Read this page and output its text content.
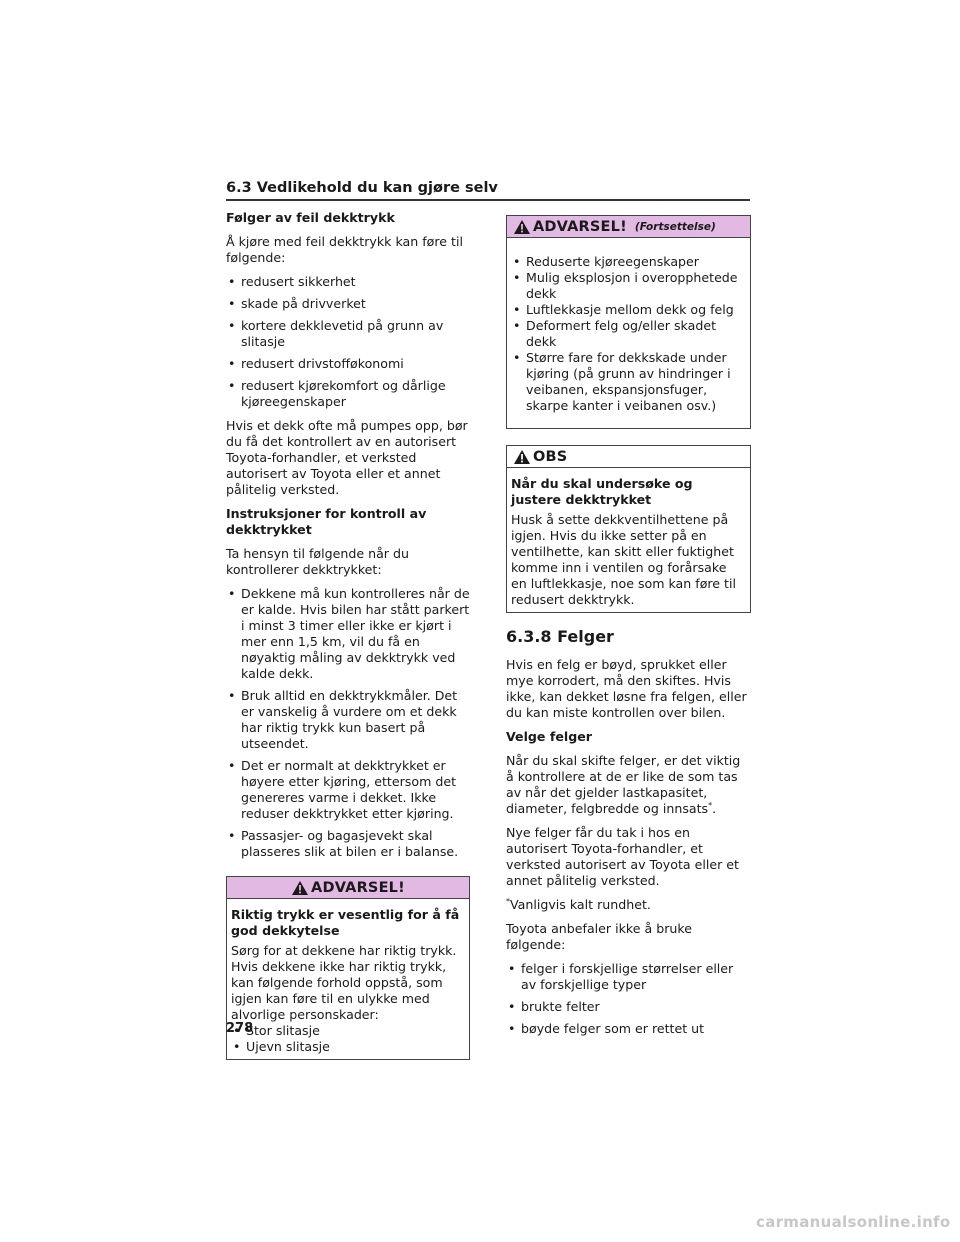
6.3 Vedlikehold du kan gjøre selv
Følger av feil dekktrykk
Å kjøre med feil dekktrykk kan føre til følgende:
• redusert sikkerhet
• skade på drivverket
• kortere dekklevetid på grunn av slitasje
• redusert drivstofføkonomi
• redusert kjørekomfort og dårlige kjøreegenskaper
Hvis et dekk ofte må pumpes opp, bør du få det kontrollert av en autorisert Toyota-forhandler, et verksted autorisert av Toyota eller et annet pålitelig verksted.
Instruksjoner for kontroll av dekktrykket
Ta hensyn til følgende når du kontrollerer dekktrykket:
• Dekkene må kun kontrolleres når de er kalde. Hvis bilen har stått parkert i minst 3 timer eller ikke er kjørt i mer enn 1,5 km, vil du få en nøyaktig måling av dekktrykk ved kalde dekk.
• Bruk alltid en dekktrykkmåler. Det er vanskelig å vurdere om et dekk har riktig trykk kun basert på utseendet.
• Det er normalt at dekktrykket er høyere etter kjøring, ettersom det genereres varme i dekket. Ikke reduser dekktrykket etter kjøring.
• Passasjer- og bagasjevekt skal plasseres slik at bilen er i balanse.
ADVARSEL!
Riktig trykk er vesentlig for å få god dekkytelse
Sørg for at dekkene har riktig trykk. Hvis dekkene ikke har riktig trykk, kan følgende forhold oppstå, som igjen kan føre til en ulykke med alvorlige personskader:
• Stor slitasje
• Ujevn slitasje
ADVARSEL! (Fortsettelse)
• Reduserte kjøreegenskaper
• Mulig eksplosjon i overopphetede dekk
• Luftlekkasje mellom dekk og felg
• Deformert felg og/eller skadet dekk
• Større fare for dekkskade under kjøring (på grunn av hindringer i veibanen, ekspansjonsfuger, skarpe kanter i veibanen osv.)
OBS
Når du skal undersøke og justere dekktrykket
Husk å sette dekkventilhettene på igjen. Hvis du ikke setter på en ventilhette, kan skitt eller fuktighet komme inn i ventilen og forårsake en luftlekkasje, noe som kan føre til redusert dekktrykk.
6.3.8 Felger
Hvis en felg er bøyd, sprukket eller mye korrodert, må den skiftes. Hvis ikke, kan dekket løsne fra felgen, eller du kan miste kontrollen over bilen.
Velge felger
Når du skal skifte felger, er det viktig å kontrollere at de er like de som tas av når det gjelder lastkapasitet, diameter, felgbredde og innsats*.
Nye felger får du tak i hos en autorisert Toyota-forhandler, et verksted autorisert av Toyota eller et annet pålitelig verksted.
*Vanligvis kalt rundhet.
Toyota anbefaler ikke å bruke følgende:
• felger i forskjellige størrelser eller av forskjellige typer
• brukte felter
• bøyde felger som er rettet ut
278
carmanualsonline.info
